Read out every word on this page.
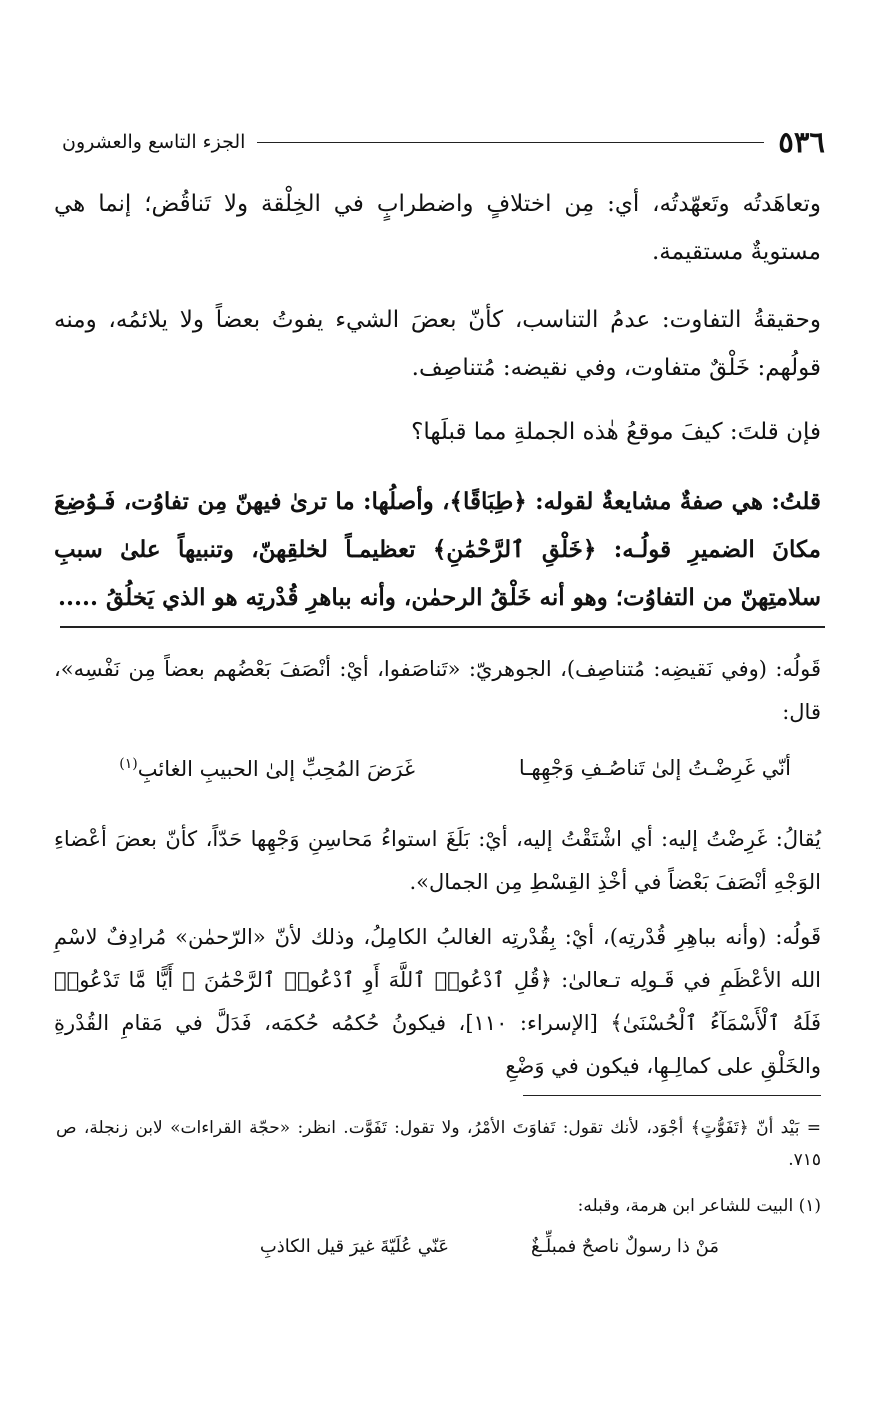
٥٣٦
الجزء التاسع والعشرون

وتعاهَدتُه وتَعهّدتُه، أي: مِن اختلافٍ واضطرابٍ في الخِلْقة ولا تَناقُض؛ إنما هي مستويةٌ مستقيمة.

وحقيقةُ التفاوت: عدمُ التناسب، كأنّ بعضَ الشيء يفوتُ بعضاً ولا يلائمُه، ومنه قولُهم: خَلْقٌ متفاوت، وفي نقيضه: مُتناصِف.

فإن قلتَ: كيفَ موقعُ هٰذه الجملةِ مما قبلَها؟

قلتُ: هي صفةٌ مشايعةٌ لقوله: ﴿طِبَاقًا﴾، وأصلُها: ما ترىٰ فيهنّ مِن تفاوُت، فَـوُضِعَ مكانَ الضميرِ قولُـه: ﴿خَلْقِ ٱلرَّحْمَٰنِ﴾ تعظيمـاً لخلقِهنّ، وتنبيهاً علىٰ سببِ سلامتِهنّ من التفاوُت؛ وهو أنه خَلْقُ الرحمٰن، وأنه بباهرِ قُدْرتِه هو الذي يَخلُقُ .....

قَولُه: (وفي نَقيضِه: مُتناصِف)، الجوهريّ: «تَناصَفوا، أيْ: أنْصَفَ بَعْضُهم بعضاً مِن نَفْسِه»، قال:

أنّي غَرِضْـتُ إلىٰ تَناصُـفِ وَجْهِهـا
غَرَضَ المُحِبِّ إلىٰ الحبيبِ الغائبِ$^{(١)}$

يُقالُ: غَرِضْتُ إليه: أي اشْتَقْتُ إليه، أيْ: بَلَغَ استواءُ مَحاسِنِ وَجْهِها حَدّاً، كأنّ بعضَ أعْضاءِ الوَجْهِ أنْصَفَ بَعْضاً في أخْذِ القِسْطِ مِن الجمال».

قَولُه: (وأنه بباهِرِ قُدْرتِه)، أيْ: بِقُدْرتِه الغالبُ الكامِلُ، وذلك لأنّ «الرّحمٰن» مُرادِفٌ لاسْمِ الله الأعْظَمِ في قَـولِه تـعالىٰ: ﴿قُلِ ٱدْعُوا۟ ٱللَّهَ أَوِ ٱدْعُوا۟ ٱلرَّحْمَٰنَ ۖ أَيًّا مَّا تَدْعُوا۟ فَلَهُ ٱلْأَسْمَآءُ ٱلْحُسْنَىٰ﴾ [الإسراء: ١١٠]، فيكونُ حُكمُه حُكمَه، فَدَلَّ في مَقامِ القُدْرةِ والخَلْقِ على كمالِـهِا، فيكون في وَضْعِ

= بَيْد أنّ ﴿تَفَوُّتٍ﴾ أجْوَد، لأنك تقول: تَفاوَتَ الأمْرُ، ولا تقول: تَفَوَّت. انظر: «حجّة القراءات» لابن زنجلة، ص ٧١٥.

(١) البيت للشاعر ابن هرمة، وقبله:

مَنْ ذا رسولٌ ناصحٌ فمبلِّـغٌ
عَنّي عُلَيّةَ غيرَ قيل الكاذبِ
